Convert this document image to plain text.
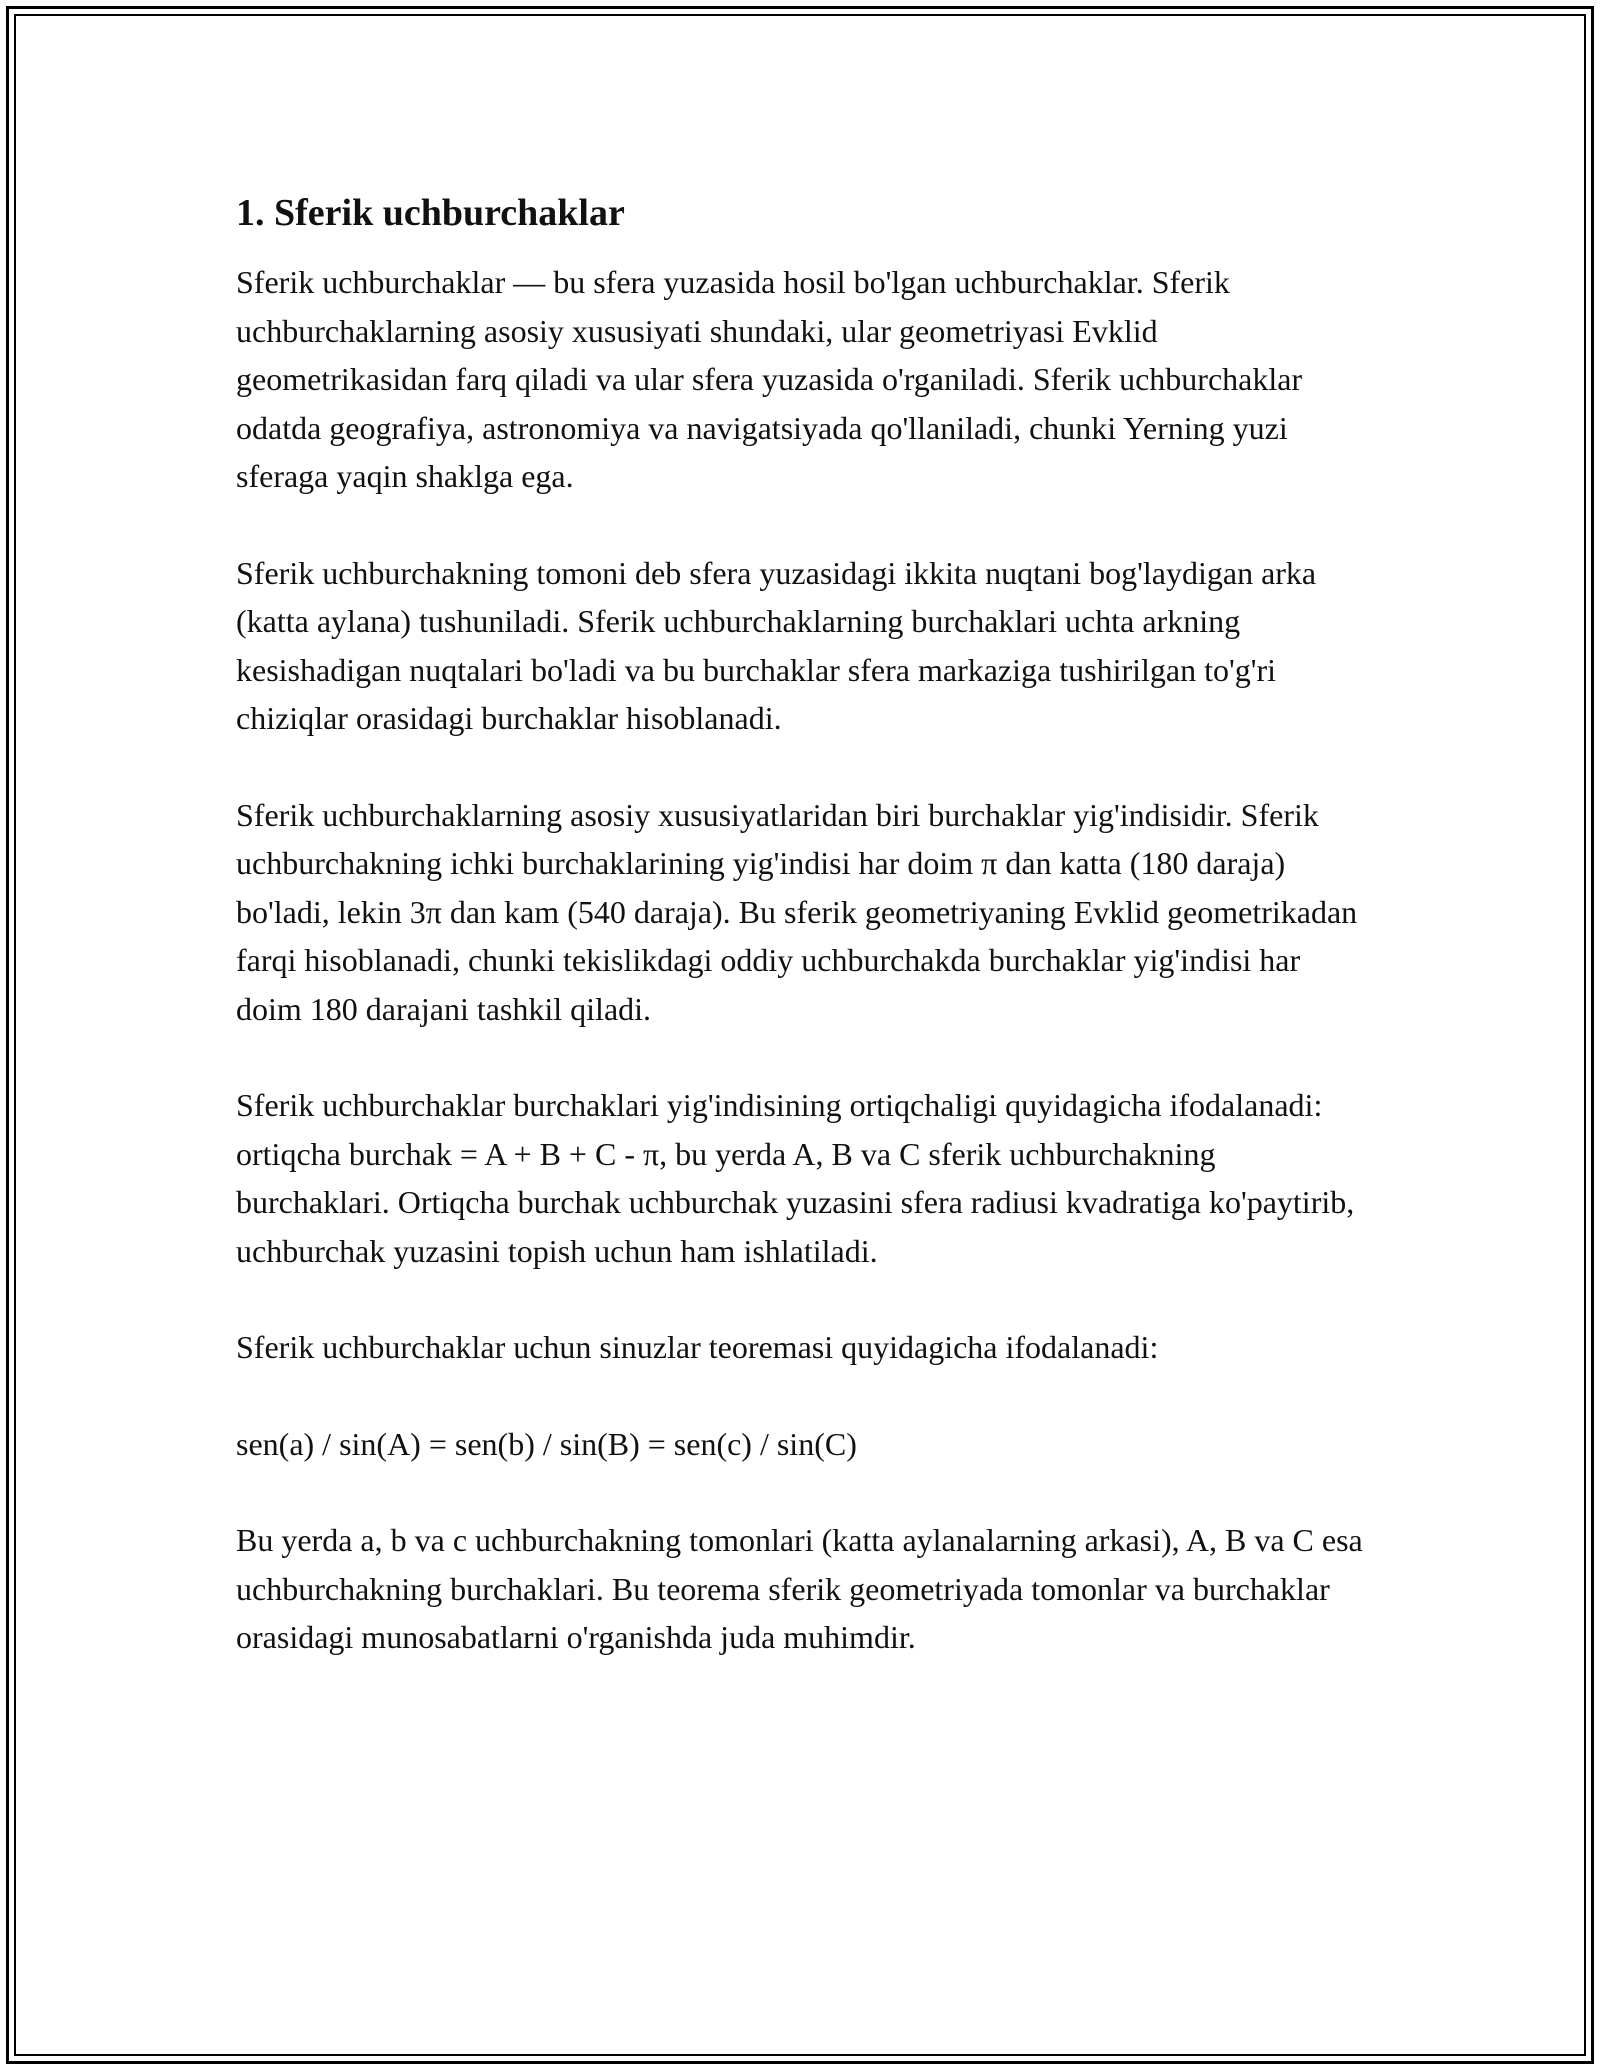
1. Sferik uchburchaklar

Sferik uchburchaklar — bu sfera yuzasida hosil bo'lgan uchburchaklar. Sferik uchburchaklarning asosiy xususiyati shundaki, ular geometriyasi Evklid geometrikasidan farq qiladi va ular sfera yuzasida o'rganiladi. Sferik uchburchaklar odatda geografiya, astronomiya va navigatsiyada qo'llaniladi, chunki Yerning yuzi sferaga yaqin shaklga ega.

Sferik uchburchakning tomoni deb sfera yuzasidagi ikkita nuqtani bog'laydigan arka (katta aylana) tushuniladi. Sferik uchburchaklarning burchaklari uchta arkning kesishadigan nuqtalari bo'ladi va bu burchaklar sfera markaziga tushirilgan to'g'ri chiziqlar orasidagi burchaklar hisoblanadi.

Sferik uchburchaklarning asosiy xususiyatlaridan biri burchaklar yig'indisidir. Sferik uchburchakning ichki burchaklarining yig'indisi har doim π dan katta (180 daraja) bo'ladi, lekin 3π dan kam (540 daraja). Bu sferik geometriyaning Evklid geometrikadan farqi hisoblanadi, chunki tekislikdagi oddiy uchburchakda burchaklar yig'indisi har doim 180 darajani tashkil qiladi.

Sferik uchburchaklar burchaklari yig'indisining ortiqchaligi quyidagicha ifodalanadi: ortiqcha burchak = A + B + C - π, bu yerda A, B va C sferik uchburchakning burchaklari. Ortiqcha burchak uchburchak yuzasini sfera radiusi kvadratiga ko'paytirib, uchburchak yuzasini topish uchun ham ishlatiladi.

Sferik uchburchaklar uchun sinuzlar teoremasi quyidagicha ifodalanadi:

sen(a) / sin(A) = sen(b) / sin(B) = sen(c) / sin(C)

Bu yerda a, b va c uchburchakning tomonlari (katta aylanalarning arkasi), A, B va C esa uchburchakning burchaklari. Bu teorema sferik geometriyada tomonlar va burchaklar orasidagi munosabatlarni o'rganishda juda muhimdir.
